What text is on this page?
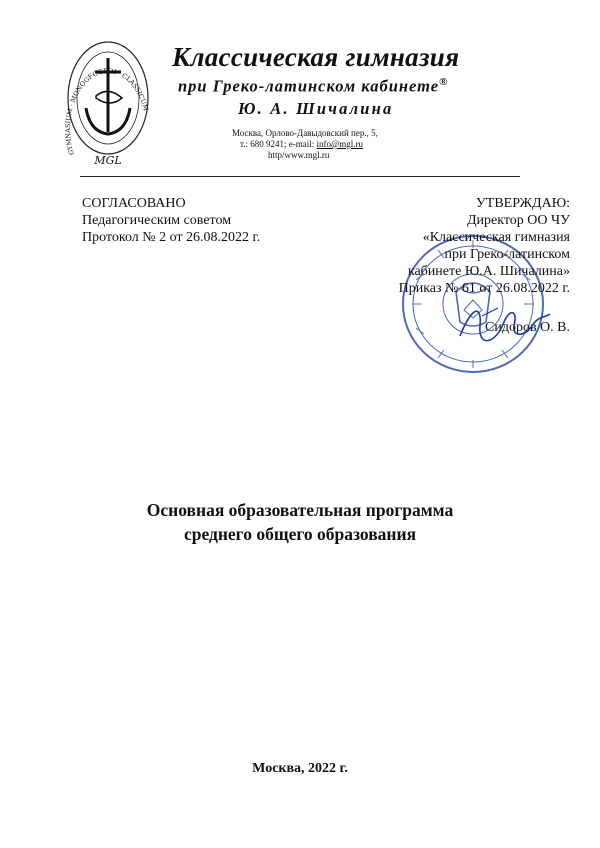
MGL
GYMNASIUM · MONOGFOGFOI · CLASSICUM
Классическая гимназия
при Греко-латинском кабинете®
Ю. А. Шичалина
Москва, Орлово-Давыдовский пер., 5,
т.: 680 9241; e-mail: info@mgl.ru
http/www.mgl.ru
СОГЛАСОВАНО
Педагогическим советом
Протокол № 2 от 26.08.2022 г.
УТВЕРЖДАЮ:
Директор ОО ЧУ
«Классическая гимназия
при Греко-латинском
кабинете Ю.А. Шичалина»
Приказ № 61 от 26.08.2022 г.
Сидоров О. В.
Основная образовательная программа
среднего общего образования
Москва, 2022 г.
